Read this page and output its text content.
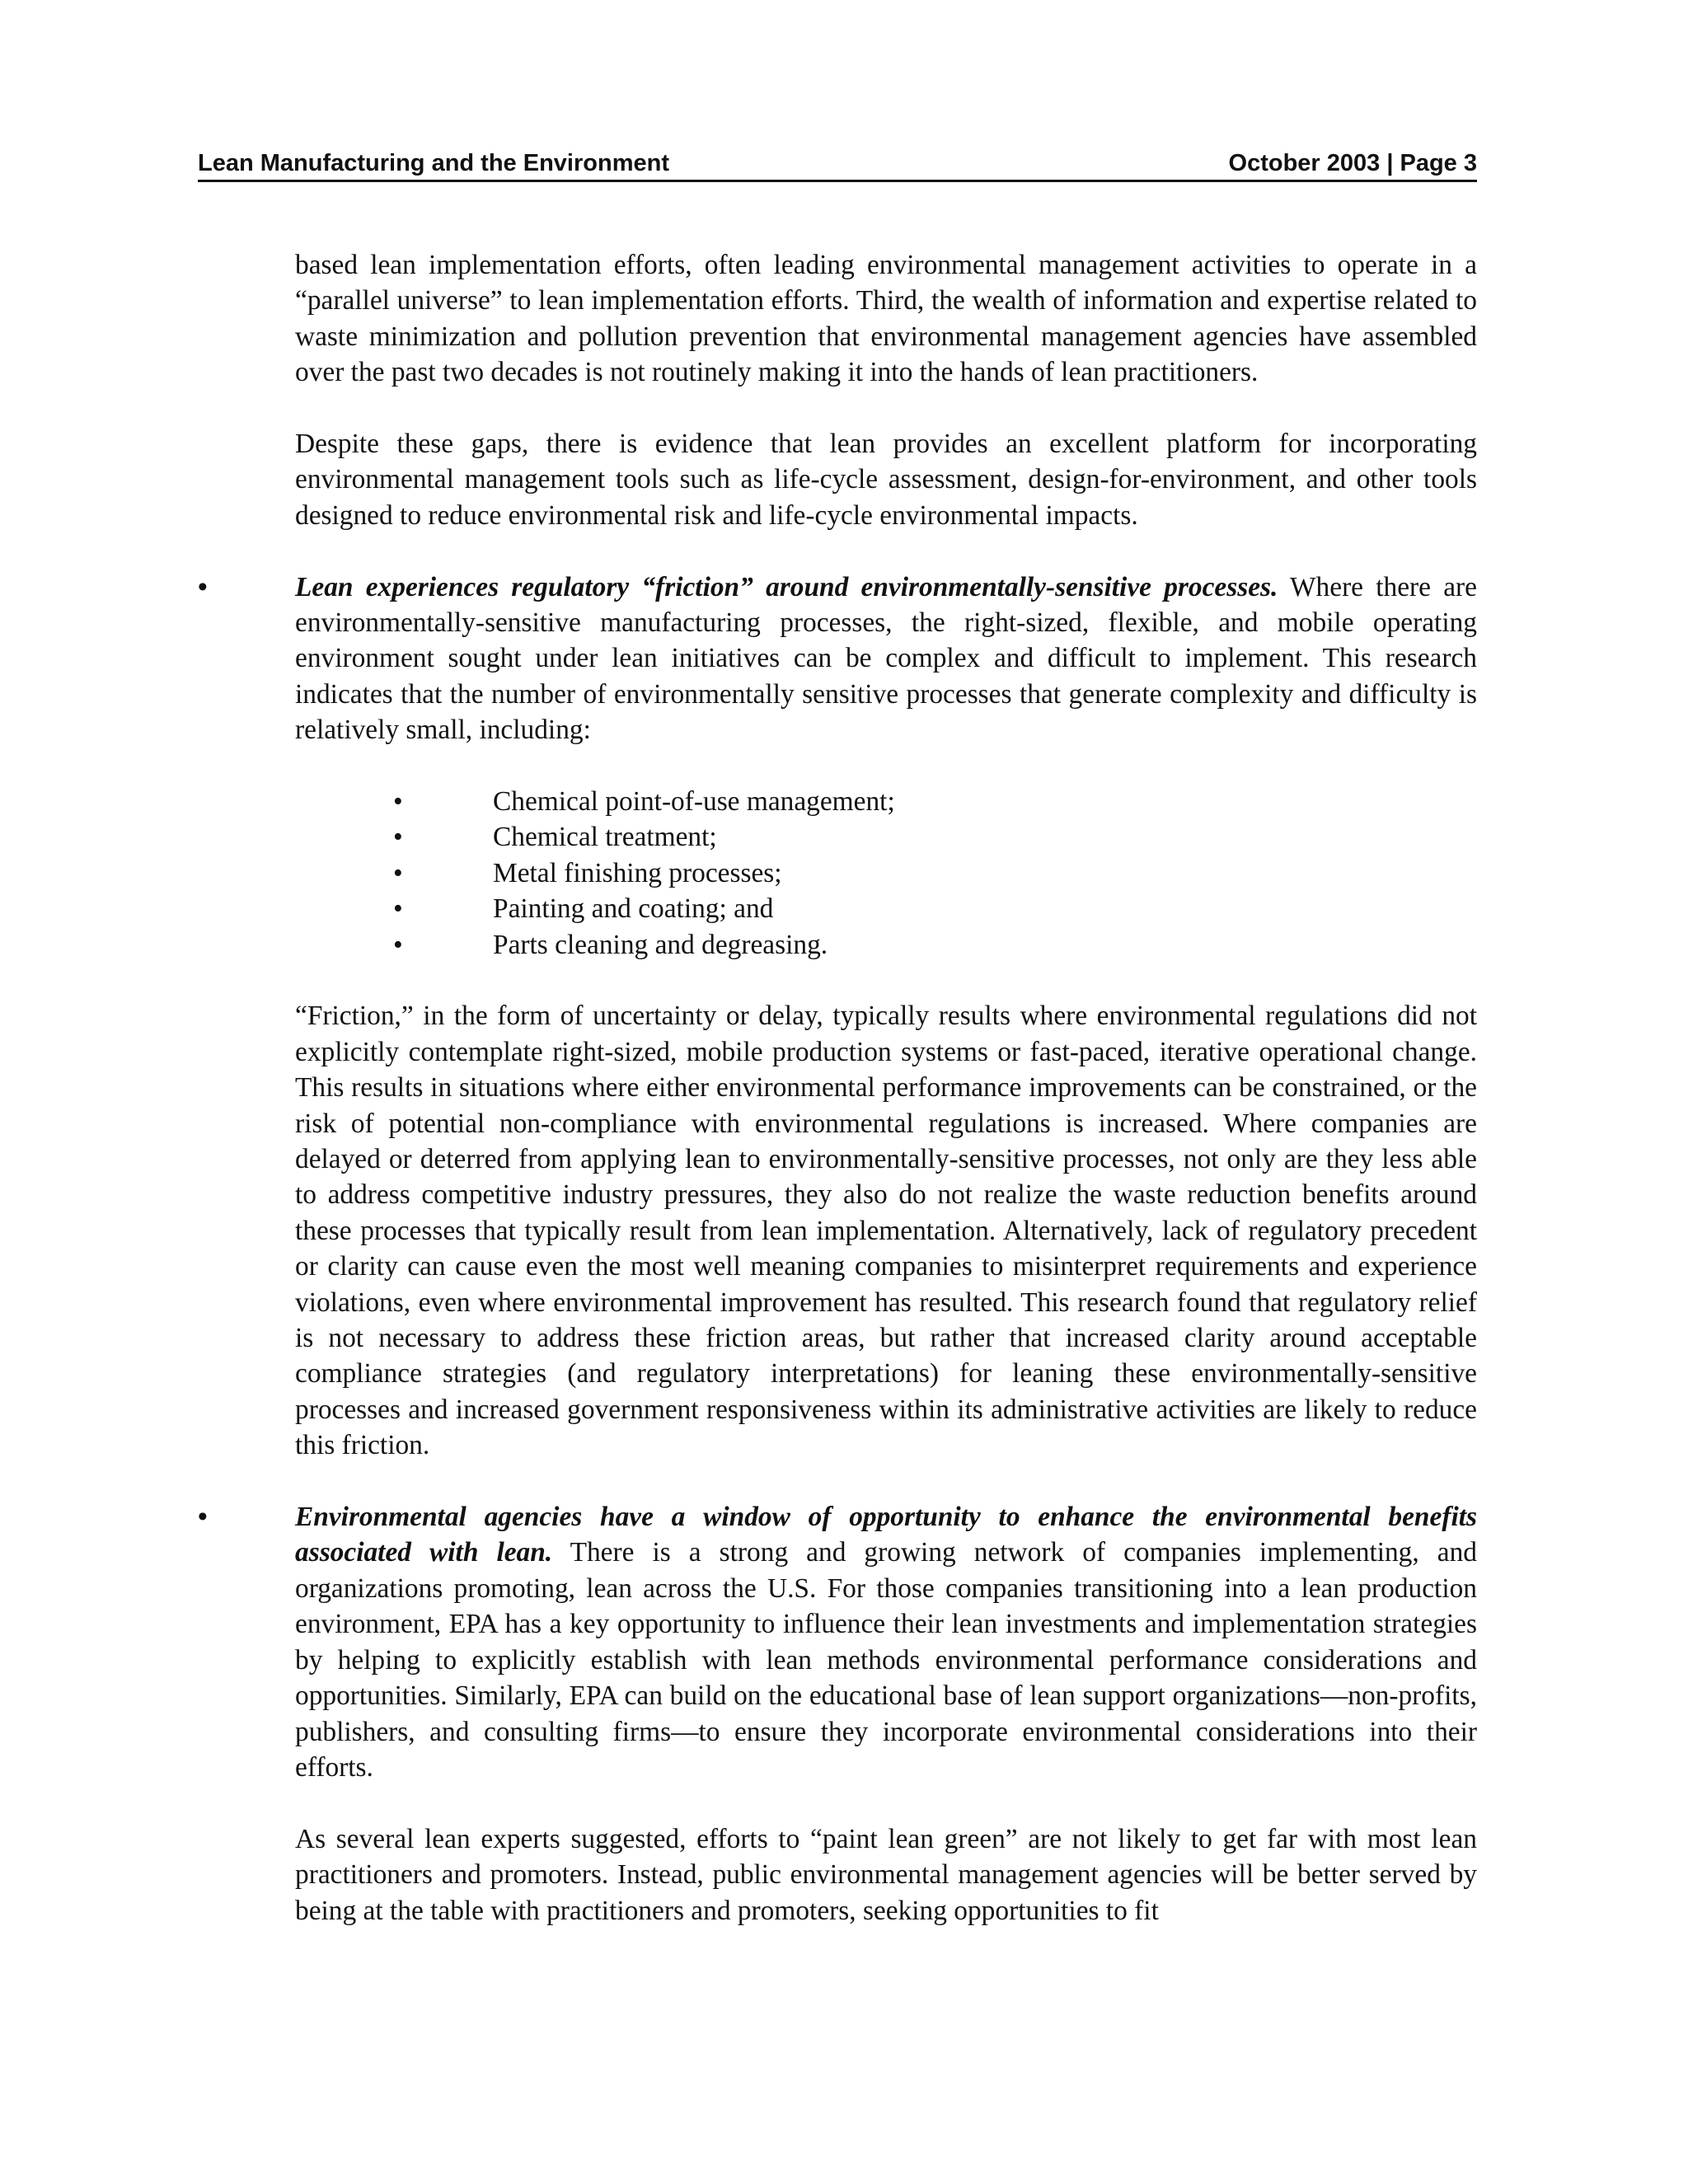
Lean Manufacturing and the Environment	October 2003 | Page 3

based lean implementation efforts, often leading environmental management activities to operate in a “parallel universe” to lean implementation efforts. Third, the wealth of information and expertise related to waste minimization and pollution prevention that environmental management agencies have assembled over the past two decades is not routinely making it into the hands of lean practitioners.

Despite these gaps, there is evidence that lean provides an excellent platform for incorporating environmental management tools such as life-cycle assessment, design-for-environment, and other tools designed to reduce environmental risk and life-cycle environmental impacts.

•	Lean experiences regulatory “friction” around environmentally-sensitive processes. Where there are environmentally-sensitive manufacturing processes, the right-sized, flexible, and mobile operating environment sought under lean initiatives can be complex and difficult to implement. This research indicates that the number of environmentally sensitive processes that generate complexity and difficulty is relatively small, including:

•	Chemical point-of-use management;
•	Chemical treatment;
•	Metal finishing processes;
•	Painting and coating; and
•	Parts cleaning and degreasing.

“Friction,” in the form of uncertainty or delay, typically results where environmental regulations did not explicitly contemplate right-sized, mobile production systems or fast-paced, iterative operational change. This results in situations where either environmental performance improvements can be constrained, or the risk of potential non-compliance with environmental regulations is increased. Where companies are delayed or deterred from applying lean to environmentally-sensitive processes, not only are they less able to address competitive industry pressures, they also do not realize the waste reduction benefits around these processes that typically result from lean implementation. Alternatively, lack of regulatory precedent or clarity can cause even the most well meaning companies to misinterpret requirements and experience violations, even where environmental improvement has resulted. This research found that regulatory relief is not necessary to address these friction areas, but rather that increased clarity around acceptable compliance strategies (and regulatory interpretations) for leaning these environmentally-sensitive processes and increased government responsiveness within its administrative activities are likely to reduce this friction.

•	Environmental agencies have a window of opportunity to enhance the environmental benefits associated with lean. There is a strong and growing network of companies implementing, and organizations promoting, lean across the U.S. For those companies transitioning into a lean production environment, EPA has a key opportunity to influence their lean investments and implementation strategies by helping to explicitly establish with lean methods environmental performance considerations and opportunities. Similarly, EPA can build on the educational base of lean support organizations—non-profits, publishers, and consulting firms—to ensure they incorporate environmental considerations into their efforts.

As several lean experts suggested, efforts to “paint lean green” are not likely to get far with most lean practitioners and promoters. Instead, public environmental management agencies will be better served by being at the table with practitioners and promoters, seeking opportunities to fit
